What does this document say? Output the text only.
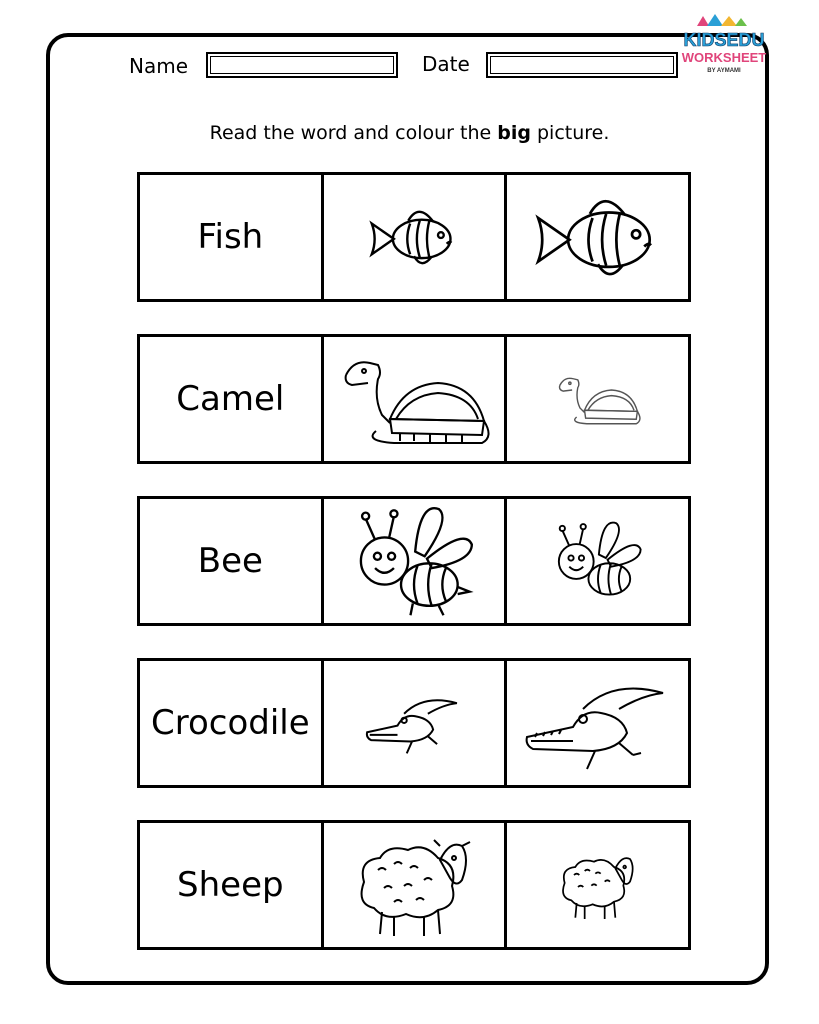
KIDSEDU
WORKSHEET
BY AYMAMI
Name	Date
Read the word and colour the big picture.
Fish
Camel
Bee
Crocodile
Sheep
